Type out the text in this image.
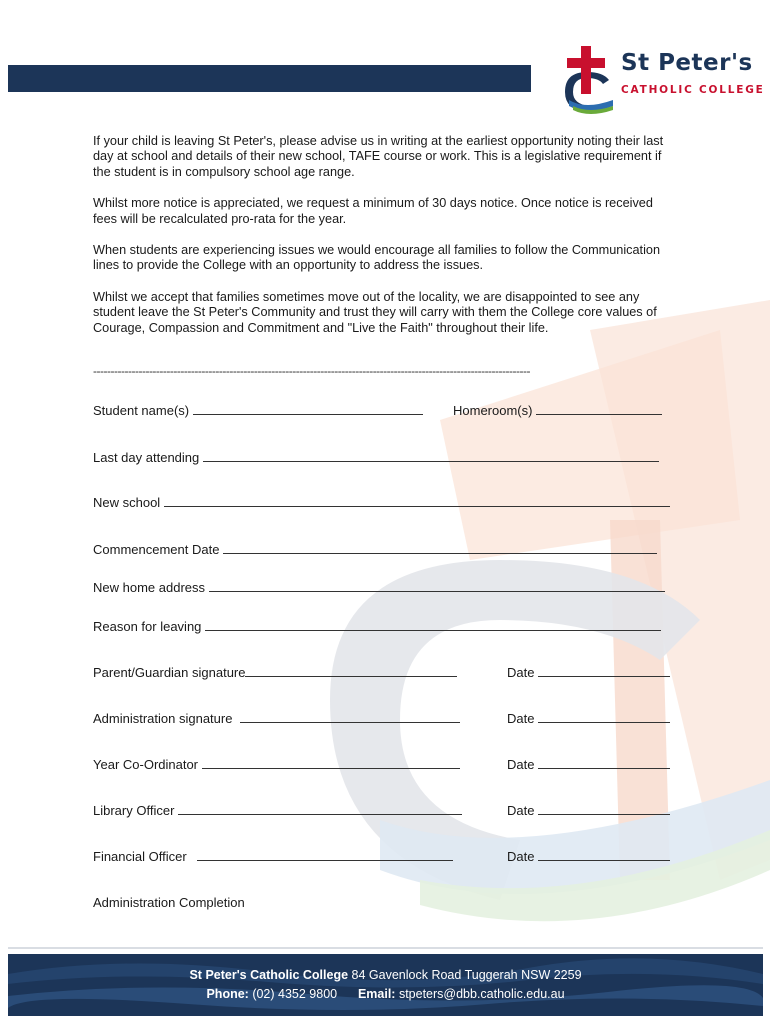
St Peter's
CATHOLIC COLLEGE

If your child is leaving St Peter's, please advise us in writing at the earliest opportunity noting their last day at school and details of their new school, TAFE course or work. This is a legislative requirement if the student is in compulsory school age range.

Whilst more notice is appreciated, we request a minimum of 30 days notice. Once notice is received fees will be recalculated pro-rata for the year.

When students are experiencing issues we would encourage all families to follow the Communication lines to provide the College with an opportunity to address the issues.

Whilst we accept that families sometimes move out of the locality, we are disappointed to see any student leave the St Peter's Community and trust they will carry with them the College core values of Courage, Compassion and Commitment and "Live the Faith" throughout their life.

-----------------------------------------------------------------------------------------------------------------------------
Student name(s)	Homeroom(s)
Last day attending
New school
Commencement Date
New home address
Reason for leaving
Parent/Guardian signature	Date
Administration signature	Date
Year Co-Ordinator	Date
Library Officer	Date
Financial Officer	Date
Administration Completion
St Peter's Catholic College 84 Gavenlock Road Tuggerah NSW 2259
Phone: (02) 4352 9800 Email: stpeters@dbb.catholic.edu.au
